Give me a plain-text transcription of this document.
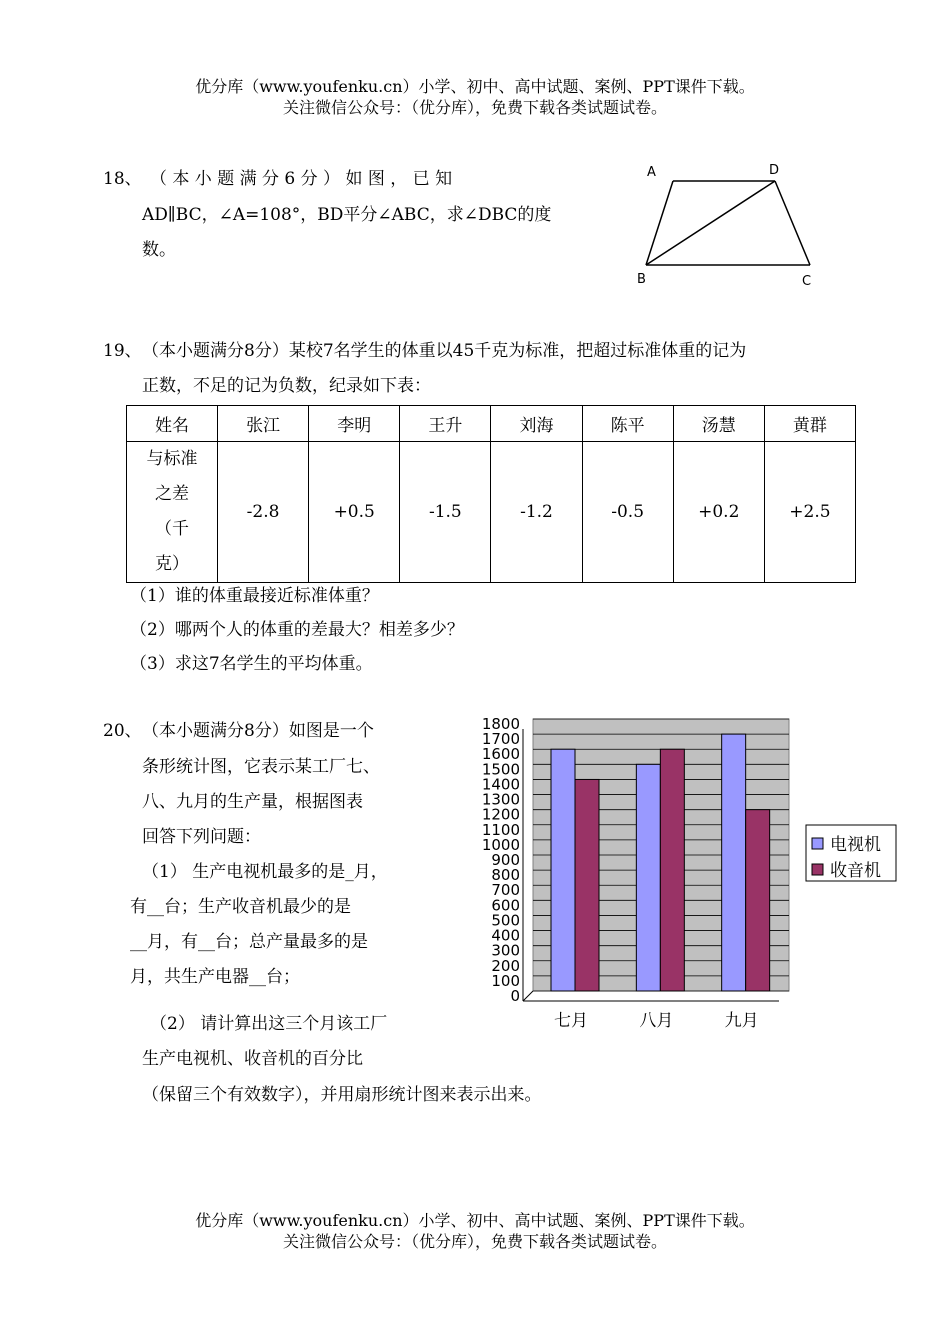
优分库（www.youfenku.cn）小学、初中、高中试题、案例、PPT课件下载。
关注微信公众号：（优分库），免费下载各类试题试卷。
18、 （ 本 小 题 满 分 6 分 ） 如 图 ， 已 知
AD∥BC，∠A=108°，BD平分∠ABC，求∠DBC的度
数。
A	D
B	C
19、 （本小题满分8分）某校7名学生的体重以45千克为标准，把超过标准体重的记为
正数，不足的记为负数，纪录如下表：
姓名	张江	李明	王升	刘海	陈平	汤慧	黄群

与标准
之差
（千
克）	-2.8	+0.5	-1.5	-1.2	-0.5	+0.2	+2.5
（1）谁的体重最接近标准体重？
（2）哪两个人的体重的差最大？相差多少？
（3）求这7名学生的平均体重。
20、 （本小题满分8分）如图是一个
条形统计图，它表示某工厂七、
八、九月的生产量，根据图表
回答下列问题：
（1） 生产电视机最多的是_月，
有__台；生产收音机最少的是
__月，有__台；总产量最多的是
月，共生产电器__台；
（2） 请计算出这三个月该工厂
生产电视机、收音机的百分比
（保留三个有效数字），并用扇形统计图来表示出来。
0
100
200
300
400
500
600
700
800
900
1000
1100
1200
1300
1400
1500
1600
1700
1800
七月	八月	九月
电视机
收音机
优分库（www.youfenku.cn）小学、初中、高中试题、案例、PPT课件下载。
关注微信公众号：（优分库），免费下载各类试题试卷。
